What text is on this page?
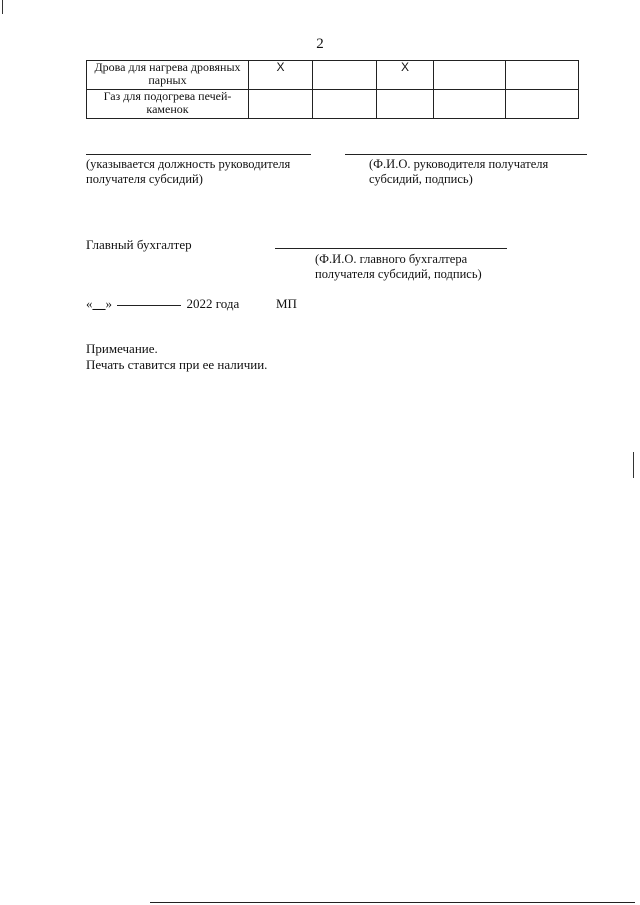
2
Дрова для нагрева дровяных парных	X		X		
Газ для подогрева печей-каменок					
(указывается должность руководителя получателя субсидий)
(Ф.И.О. руководителя получателя субсидий, подпись)
Главный бухгалтер
(Ф.И.О. главного бухгалтера получателя субсидий, подпись)
«__»	2022 года	МП
Примечание.
Печать ставится при ее наличии.
